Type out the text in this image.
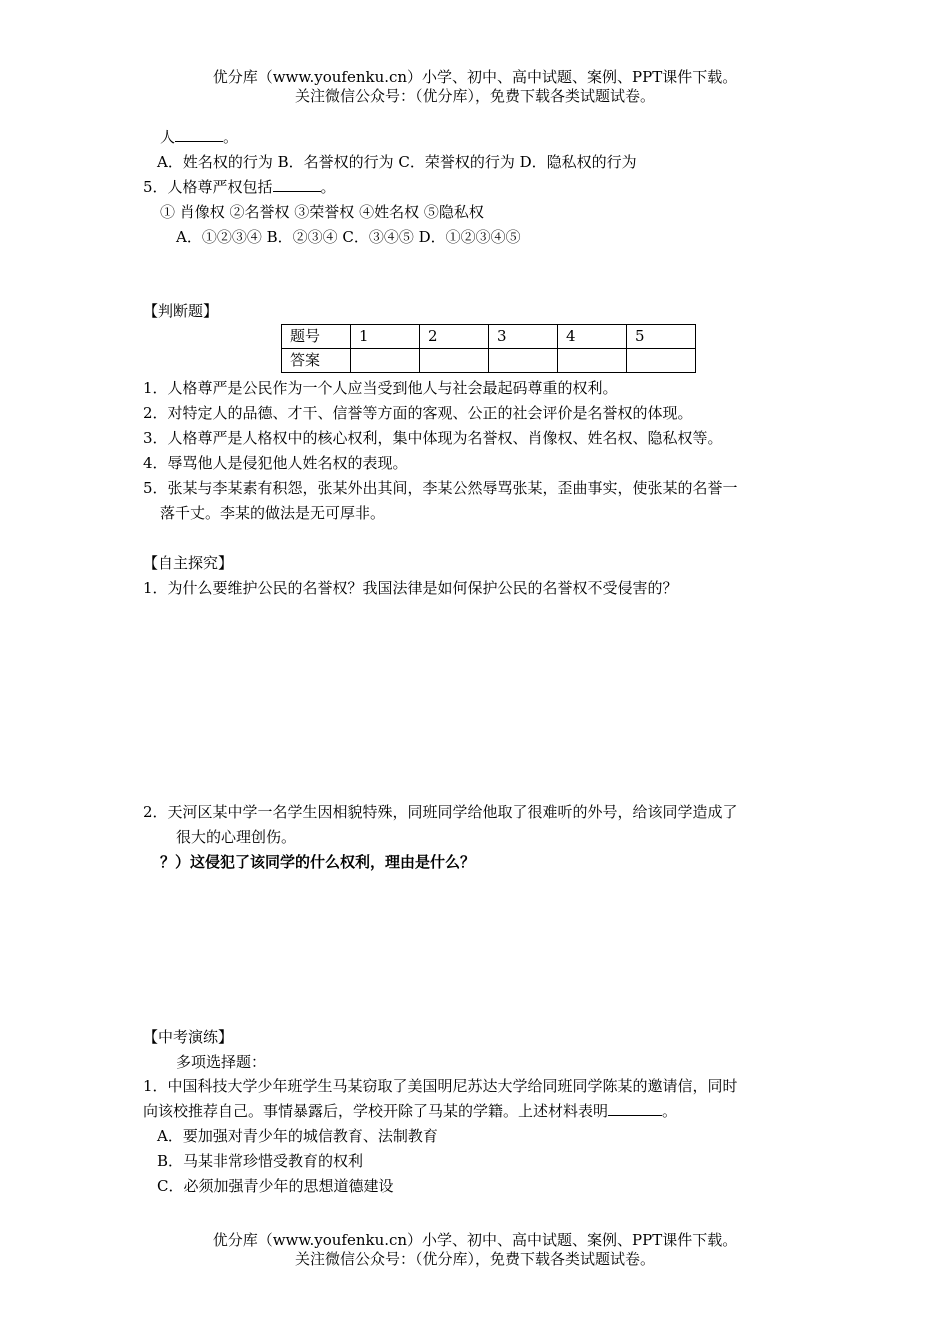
优分库（www.youfenku.cn）小学、初中、高中试题、案例、PPT课件下载。
关注微信公众号：（优分库），免费下载各类试题试卷。
人	。
A．姓名权的行为 B．名誉权的行为 C．荣誉权的行为 D．隐私权的行为
5．人格尊严权包括	。
① 肖像权 ②名誉权 ③荣誉权 ④姓名权 ⑤隐私权
A．①②③④ B．②③④ C．③④⑤ D．①②③④⑤
【判断题】
题号	1	2	3	4	5
答案					
1．人格尊严是公民作为一个人应当受到他人与社会最起码尊重的权利。
2．对特定人的品德、才干、信誉等方面的客观、公正的社会评价是名誉权的体现。
3．人格尊严是人格权中的核心权利，集中体现为名誉权、肖像权、姓名权、隐私权等。
4．辱骂他人是侵犯他人姓名权的表现。
5．张某与李某素有积怨，张某外出其间，李某公然辱骂张某，歪曲事实，使张某的名誉一
落千丈。李某的做法是无可厚非。
【自主探究】
1．为什么要维护公民的名誉权？我国法律是如何保护公民的名誉权不受侵害的？
2．天河区某中学一名学生因相貌特殊，同班同学给他取了很难听的外号，给该同学造成了
很大的心理创伤。
？）这侵犯了该同学的什么权利，理由是什么？
【中考演练】
多项选择题：
1．中国科技大学少年班学生马某窃取了美国明尼苏达大学给同班同学陈某的邀请信，同时
向该校推荐自己。事情暴露后，学校开除了马某的学籍。上述材料表明	。
A．要加强对青少年的城信教育、法制教育
B．马某非常珍惜受教育的权利
C．必须加强青少年的思想道德建设
优分库（www.youfenku.cn）小学、初中、高中试题、案例、PPT课件下载。
关注微信公众号：（优分库），免费下载各类试题试卷。
